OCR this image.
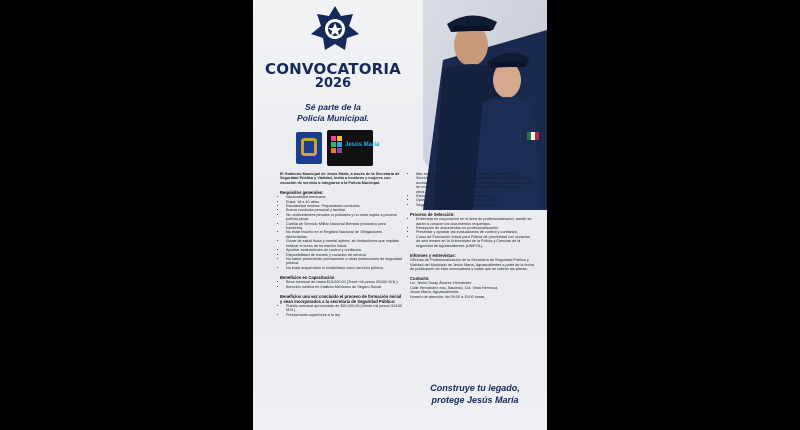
CONVOCATORIA
2026
Sé parte de la
Policía Municipal.
Jesús María

El Gobierno Municipal de Jesús María, a través de la Secretaría de Seguridad Pública y Vialidad, invita a hombres y mujeres con vocación de servicio a integrarse a la Policía Municipal.

Requisitos generales:

• Nacionalidad mexicana.
• Edad: 18 a 40 años.
• Escolaridad mínima: Preparatoria concluida.
• Buena conducta personal y familiar.
• Sin antecedentes penales ni policiales y no estar sujeto a proceso judicial penal.
• Cartilla de Servicio Militar Nacional liberada (exclusivo para hombres).
• No estar inscrito en el Registro Nacional de Obligaciones Alimentarias.
• Gozar de salud física y mental óptima, sin limitaciones que impidan realizar el curso de formación inicial.
• Aprobar evaluaciones de control y confianza.
• Disponibilidad de horario y vocación de servicio.
• No haber pertenecido previamente a otras instituciones de seguridad pública.
• No estar suspendido ni inhabilitado como servidor público.

Beneficios en Capacitación

• Beca mensual de hasta $13,000.00 (Trece mil pesos 00/100 M.N.)
• Atención médica en Instituto Mexicano de Seguro Social.

Beneficios una vez concluido el proceso de formación inicial y sean incorporados a la secretaría de Seguridad Pública:

• Sueldo mensual aproximado de $20,000.00 (Veinte mil pesos 00/100 M.N.)
• Prestaciones superiores a la ley.
• Alta ante Instituto de Seguridad y Servicios Sociales para los Servidores Públicos del Estado de Aguascalientes (ISSSSPEA), con acceso a créditos de corto plazo, medianos y largo para la adquisición de muebles, vehículos, servicios turísticos, médicos, estéticos, entre otros.
• Estímulos y reconocimientos por desempeño.
• Oportunidades de ascenso y desarrollo profesional.
• Seguro de gastos médicos y seguro de vida.

Proceso de Selección:

• Entrevista en corporación en el área de profesionalización, donde se darán a conocer los documentos requeridos.
• Recepción de documentos en profesionalización.
• Presentar y aprobar las evaluaciones de control y confianza.
• Curso de Formación Inicial para Policía de proximidad con duración de seis meses en la Universidad de la Policía y Ciencias de la seguridad de Aguascalientes (UNIPOL).

Informes y entrevistas:

Oficinas de Profesionalización de la Secretaría de Seguridad Pública y Vialidad del Municipio de Jesús María, Aguascalientes a partir de la fecha de publicación de esta convocatoria y hasta que se cubran las plazas.

Contacto:

Lic. Jéshu Saray Álvarez Hernández

Calle Hernández esq. Saucedo, Col. Vista Hermosa,

Jesús María, Aguascalientes.

Horario de atención: de 09:00 a 15:00 horas.

Construye tu legado,
protege Jesús María
